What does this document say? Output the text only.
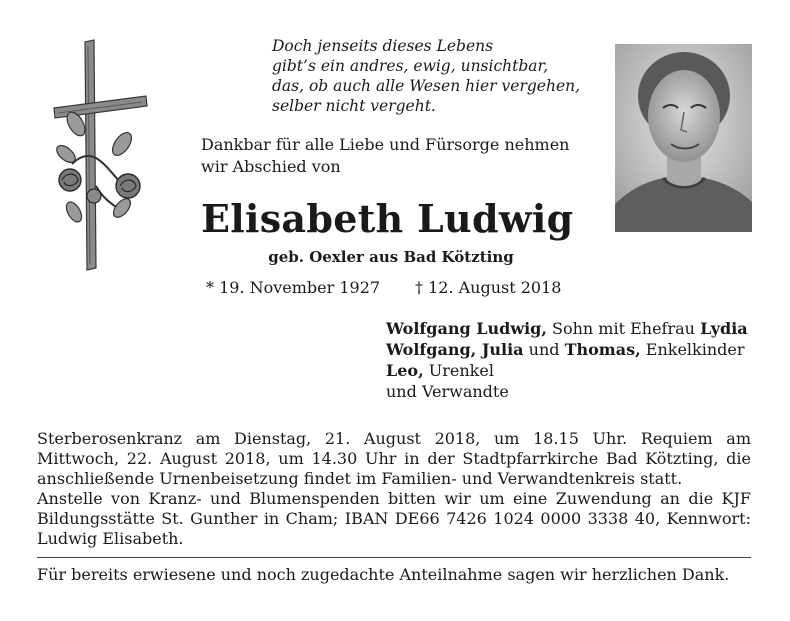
Doch jenseits dieses Lebens
gibt’s ein andres, ewig, unsichtbar,
das, ob auch alle Wesen hier vergehen,
selber nicht vergeht.
Dankbar für alle Liebe und Fürsorge nehmen
wir Abschied von
Elisabeth Ludwig
geb. Oexler aus Bad Kötzting
* 19. November 1927 † 12. August 2018
Wolfgang Ludwig, Sohn mit Ehefrau Lydia
Wolfgang, Julia und Thomas, Enkelkinder
Leo, Urenkel
und Verwandte

Sterberosenkranz am Dienstag, 21. August 2018, um 18.15 Uhr. Requiem am Mittwoch, 22. August 2018, um 14.30 Uhr in der Stadtpfarrkirche Bad Kötzting, die anschließende Urnenbeisetzung findet im Familien- und Verwandtenkreis statt.

Anstelle von Kranz- und Blumenspenden bitten wir um eine Zuwendung an die KJF Bildungsstätte St. Gunther in Cham; IBAN DE66 7426 1024 0000 3338 40, Kennwort: Ludwig Elisabeth.

Für bereits erwiesene und noch zugedachte Anteilnahme sagen wir herzlichen Dank.
